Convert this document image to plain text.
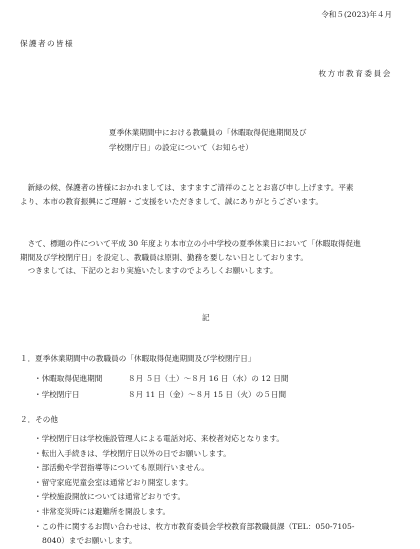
令和５(2023)年４月
保護者の皆様
枚方市教育委員会
夏季休業期間中における教職員の「休暇取得促進期間及び
学校閉庁日」の設定について（お知らせ）
　新緑の候、保護者の皆様におかれましては、ますますご清祥のこととお喜び申し上げます。平素
より、本市の教育振興にご理解・ご支援をいただきまして、誠にありがとうございます。
　さて、標題の件について平成 30 年度より本市立の小中学校の夏季休業日において「休暇取得促進
期間及び学校閉庁日」を設定し、教職員は原則、勤務を要しない日としております。
　つきましては、下記のとおり実施いたしますのでよろしくお願いします。
記
１．夏季休業期間中の教職員の「休暇取得促進期間及び学校閉庁日」
・休暇取得促進期間	８月 ５日（土）～８月 16 日（水）の 12 日間
・学校閉庁日	８月 11 日（金）～８月 15 日（火）の５日間
２．その他
・学校閉庁日は学校施設管理人による電話対応、来校者対応となります。
・転出入手続きは、学校閉庁日以外の日でお願いします。
・部活動や学習指導等についても原則行いません。
・留守家庭児童会室は通常どおり開室します。
・学校施設開放については通常どおりです。
・非常変災時には避難所を開設します。
・この件に関するお問い合わせは、枚方市教育委員会学校教育部教職員課（TEL：050-7105-
8040）までお願いします。
